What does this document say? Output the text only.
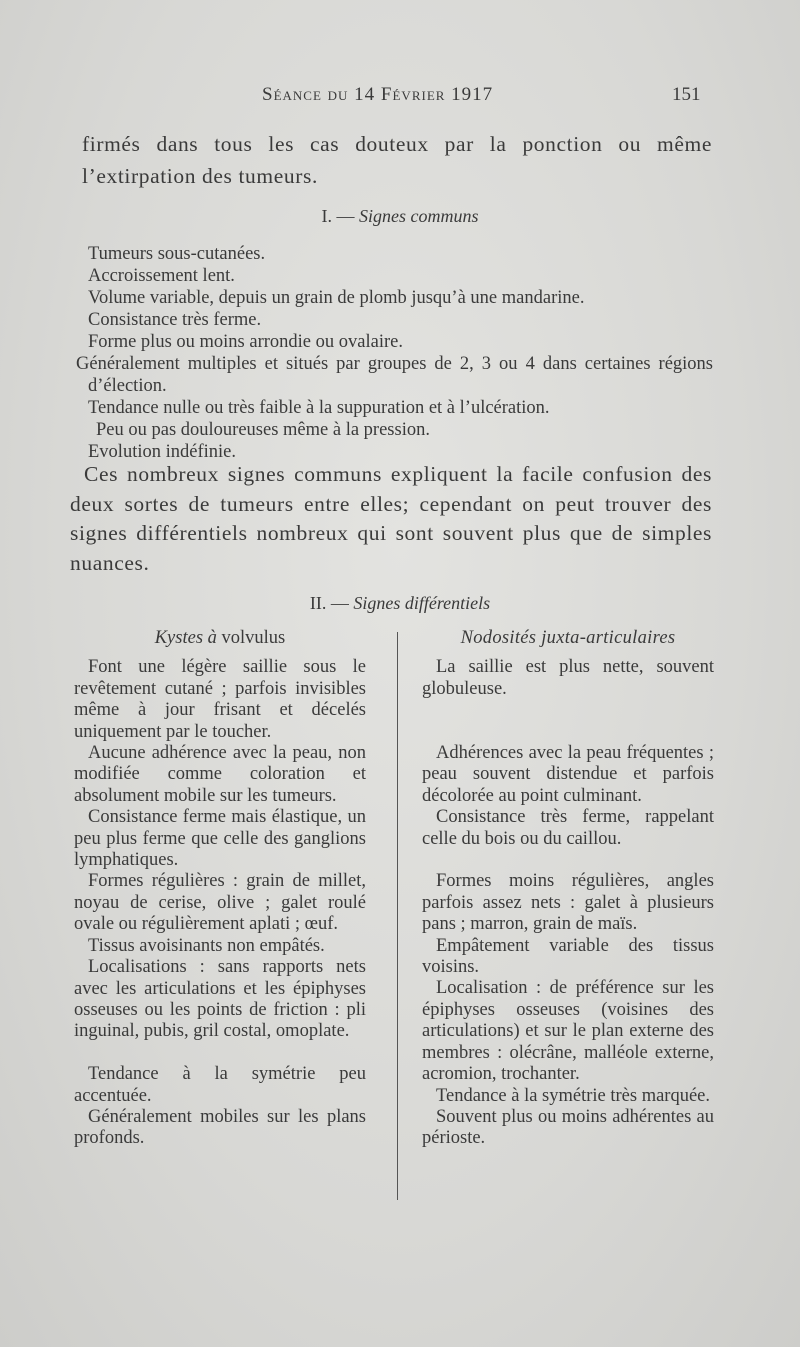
Séance du 14 Février 1917	151

firmés dans tous les cas douteux par la ponction ou même l’extirpation des tumeurs.

I. — Signes communs
Tumeurs sous-cutanées.
Accroissement lent.
Volume variable, depuis un grain de plomb jusqu’à une mandarine.
Consistance très ferme.
Forme plus ou moins arrondie ou ovalaire.
Généralement multiples et situés par groupes de 2, 3 ou 4 dans certaines régions d’élection.
Tendance nulle ou très faible à la suppuration et à l’ulcération.
Peu ou pas douloureuses même à la pression.
Evolution indéfinie.

Ces nombreux signes communs expliquent la facile confusion des deux sortes de tumeurs entre elles; cependant on peut trouver des signes différentiels nombreux qui sont souvent plus que de simples nuances.

II. — Signes différentiels

Kystes à volvulus

Font une légère saillie sous le revêtement cutané ; parfois invisibles même à jour frisant et décelés uniquement par le toucher.

Aucune adhérence avec la peau, non modifiée comme coloration et absolument mobile sur les tumeurs.

Consistance ferme mais élastique, un peu plus ferme que celle des ganglions lymphatiques.

Formes régulières : grain de millet, noyau de cerise, olive ; galet roulé ovale ou régulièrement aplati ; œuf.

Tissus avoisinants non empâtés.

Localisations : sans rapports nets avec les articulations et les épiphyses osseuses ou les points de friction : pli inguinal, pubis, gril costal, omoplate.

Tendance à la symétrie peu accentuée.

Généralement mobiles sur les plans profonds.

Nodosités juxta-articulaires

La saillie est plus nette, souvent globuleuse.

Adhérences avec la peau fréquentes ; peau souvent distendue et parfois décolorée au point culminant.

Consistance très ferme, rappelant celle du bois ou du caillou.

Formes moins régulières, angles parfois assez nets : galet à plusieurs pans ; marron, grain de maïs.

Empâtement variable des tissus voisins.

Localisation : de préférence sur les épiphyses osseuses (voisines des articulations) et sur le plan externe des membres : olécrâne, malléole externe, acromion, trochanter.

Tendance à la symétrie très marquée.

Souvent plus ou moins adhérentes au périoste.
